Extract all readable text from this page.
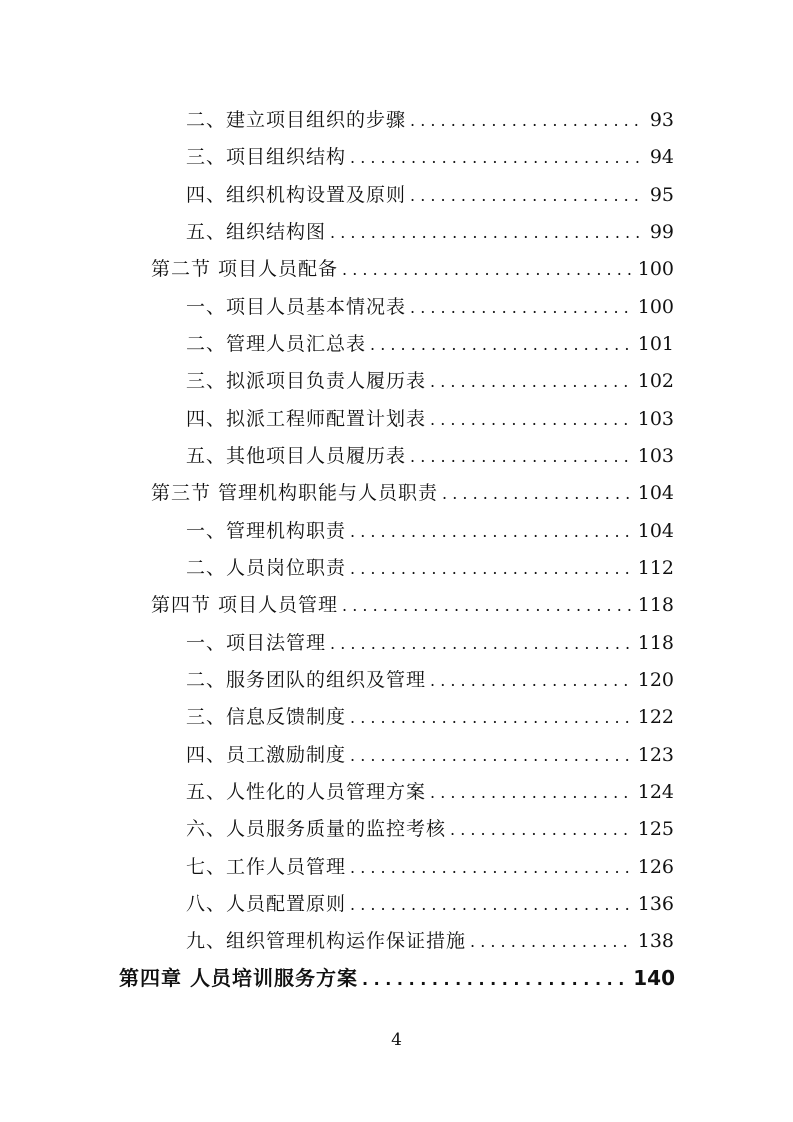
二、建立项目组织的步骤 . . .	93
三、项目组织结构 . . .	94
四、组织机构设置及原则 . . .	95
五、组织结构图 . . .	99
第二节 项目人员配备 . . .	100
一、项目人员基本情况表 . . .	100
二、管理人员汇总表 . . .	101
三、拟派项目负责人履历表 . . .	102
四、拟派工程师配置计划表 . . .	103
五、其他项目人员履历表 . . .	103
第三节 管理机构职能与人员职责 . . .	104
一、管理机构职责 . . .	104
二、人员岗位职责 . . .	112
第四节 项目人员管理 . . .	118
一、项目法管理 . . .	118
二、服务团队的组织及管理 . . .	120
三、信息反馈制度 . . .	122
四、员工激励制度 . . .	123
五、人性化的人员管理方案 . . .	124
六、人员服务质量的监控考核 . . .	125
七、工作人员管理 . . .	126
八、人员配置原则 . . .	136
九、组织管理机构运作保证措施 . . .	138
第四章 人员培训服务方案 . . .	140
4
